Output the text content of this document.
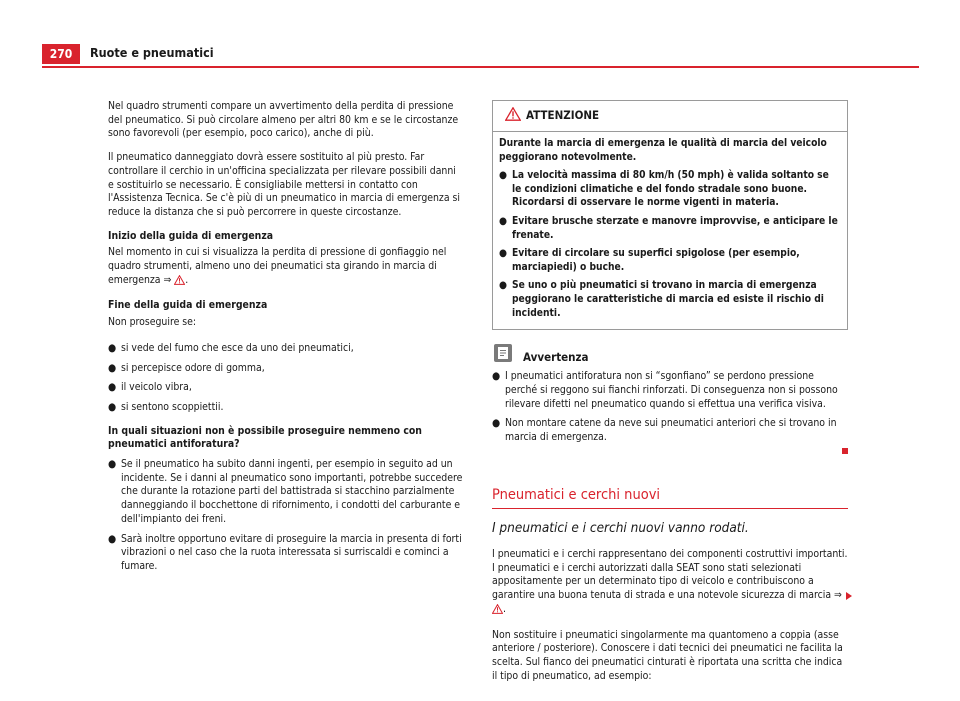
270	Ruote e pneumatici

Nel quadro strumenti compare un avvertimento della perdita di pressione del pneumatico. Si può circolare almeno per altri 80 km e se le circostanze sono favorevoli (per esempio, poco carico), anche di più.

Il pneumatico danneggiato dovrà essere sostituito al più presto. Far controllare il cerchio in un'officina specializzata per rilevare possibili danni e sostituirlo se necessario. È consigliabile mettersi in contatto con l'Assistenza Tecnica. Se c'è più di un pneumatico in marcia di emergenza si reduce la distanza che si può percorrere in queste circostanze.

Inizio della guida di emergenza

Nel momento in cui si visualizza la perdita di pressione di gonfiaggio nel quadro strumenti, almeno uno dei pneumatici sta girando in marcia di emergenza ⇒ .

Fine della guida di emergenza

Non proseguire se:

● si vede del fumo che esce da uno dei pneumatici,
● si percepisce odore di gomma,
● il veicolo vibra,
● si sentono scoppiettii.
In quali situazioni non è possibile proseguire nemmeno con pneumatici antiforatura?
● Se il pneumatico ha subito danni ingenti, per esempio in seguito ad un incidente. Se i danni al pneumatico sono importanti, potrebbe succedere che durante la rotazione parti del battistrada si stacchino parzialmente danneggiando il bocchettone di rifornimento, i condotti del carburante e dell'impianto dei freni.
● Sarà inoltre opportuno evitare di proseguire la marcia in presenta di forti vibrazioni o nel caso che la ruota interessata si surriscaldi e cominci a fumare.
ATTENZIONE

Durante la marcia di emergenza le qualità di marcia del veicolo peggiorano notevolmente.

● La velocità massima di 80 km/h (50 mph) è valida soltanto se le condizioni climatiche e del fondo stradale sono buone. Ricordarsi di osservare le norme vigenti in materia.
● Evitare brusche sterzate e manovre improvvise, e anticipare le frenate.
● Evitare di circolare su superfici spigolose (per esempio, marciapiedi) o buche.
● Se uno o più pneumatici si trovano in marcia di emergenza peggiorano le caratteristiche di marcia ed esiste il rischio di incidenti.
Avvertenza
● I pneumatici antiforatura non si “sgonfiano” se perdono pressione perché si reggono sui fianchi rinforzati. Di conseguenza non si possono rilevare difetti nel pneumatico quando si effettua una verifica visiva.
● Non montare catene da neve sui pneumatici anteriori che si trovano in marcia di emergenza.
Pneumatici e cerchi nuovi
I pneumatici e i cerchi nuovi vanno rodati.

I pneumatici e i cerchi rappresentano dei componenti costruttivi importanti. I pneumatici e i cerchi autorizzati dalla SEAT sono stati selezionati appositamente per un determinato tipo di veicolo e contribuiscono a garantire una buona tenuta di strada e una notevole sicurezza di marcia ⇒ .

Non sostituire i pneumatici singolarmente ma quantomeno a coppia (asse anteriore / posteriore). Conoscere i dati tecnici dei pneumatici ne facilita la scelta. Sul fianco dei pneumatici cinturati è riportata una scritta che indica il tipo di pneumatico, ad esempio:
